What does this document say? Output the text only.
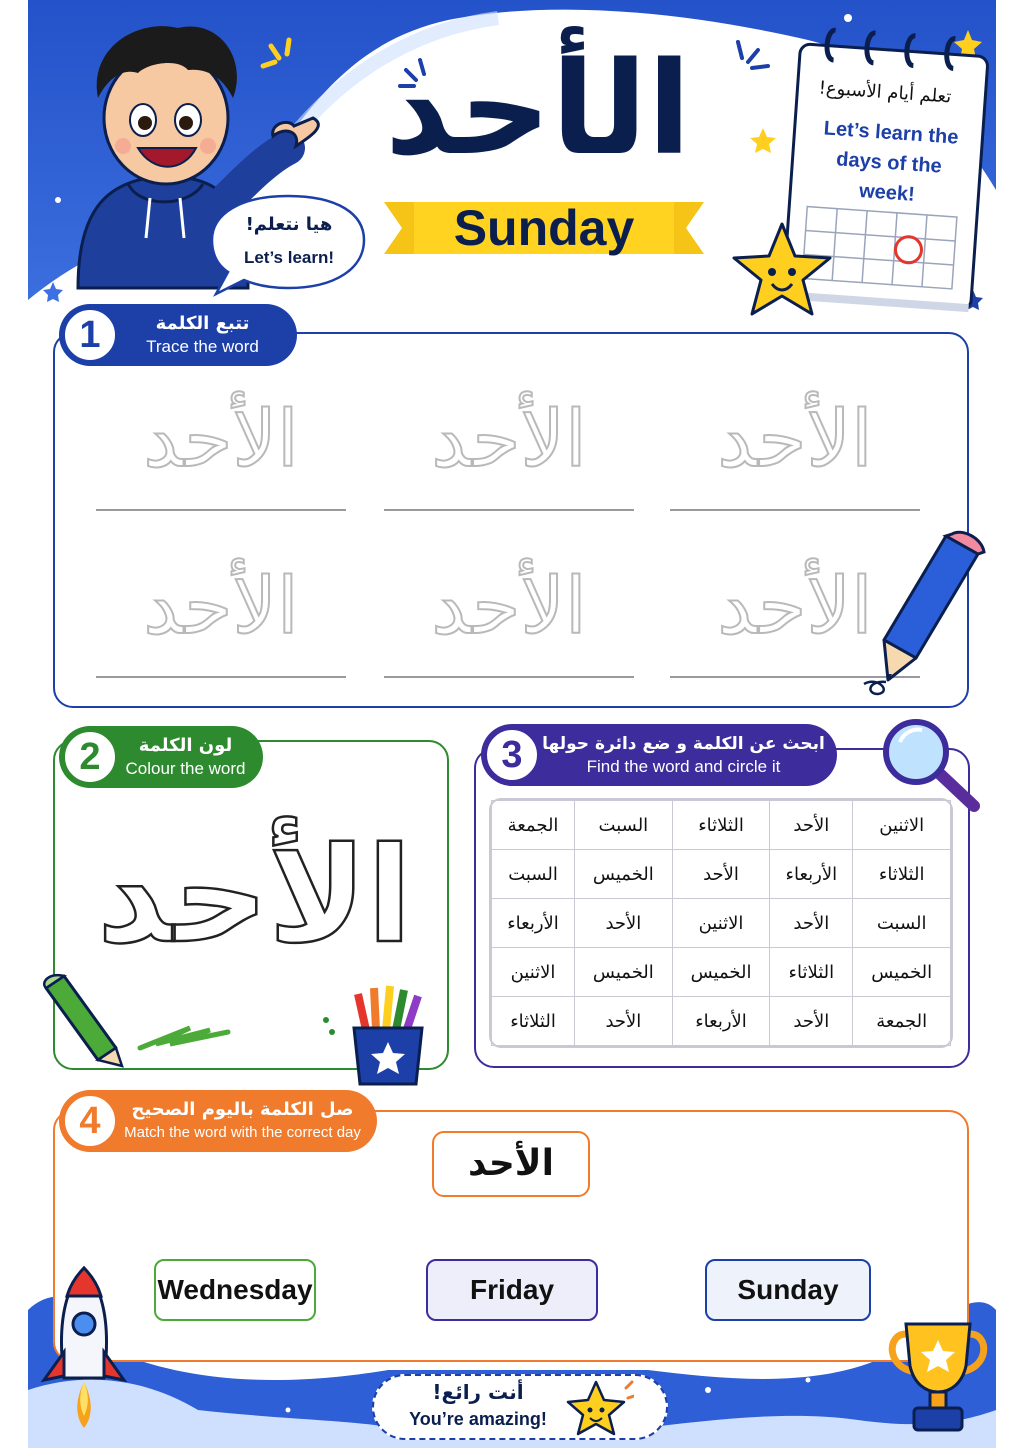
الأحد
Sunday
هيا نتعلم!
Let’s learn!
تعلم أيام الأسبوع!
Let’s learn the days of the week!
1	تتبع الكلمة
Trace the word
الأحد
الأحد
الأحد
الأحد
الأحد
الأحد
2	لون الكلمة
Colour the word
الأحد
3	ابحث عن الكلمة و ضع دائرة حولها
Find the word and circle it
الاثنين	الأحد	الثلاثاء	السبت	الجمعة
الثلاثاء	الأربعاء	الأحد	الخميس	السبت
السبت	الأحد	الاثنين	الأحد	الأربعاء
الخميس	الثلاثاء	الخميس	الخميس	الاثنين
الجمعة	الأحد	الأربعاء	الأحد	الثلاثاء
4	صل الكلمة باليوم الصحيح
Match the word with the correct day
الأحد
Wednesday	Friday	Sunday
أنت رائع!
You’re amazing!
